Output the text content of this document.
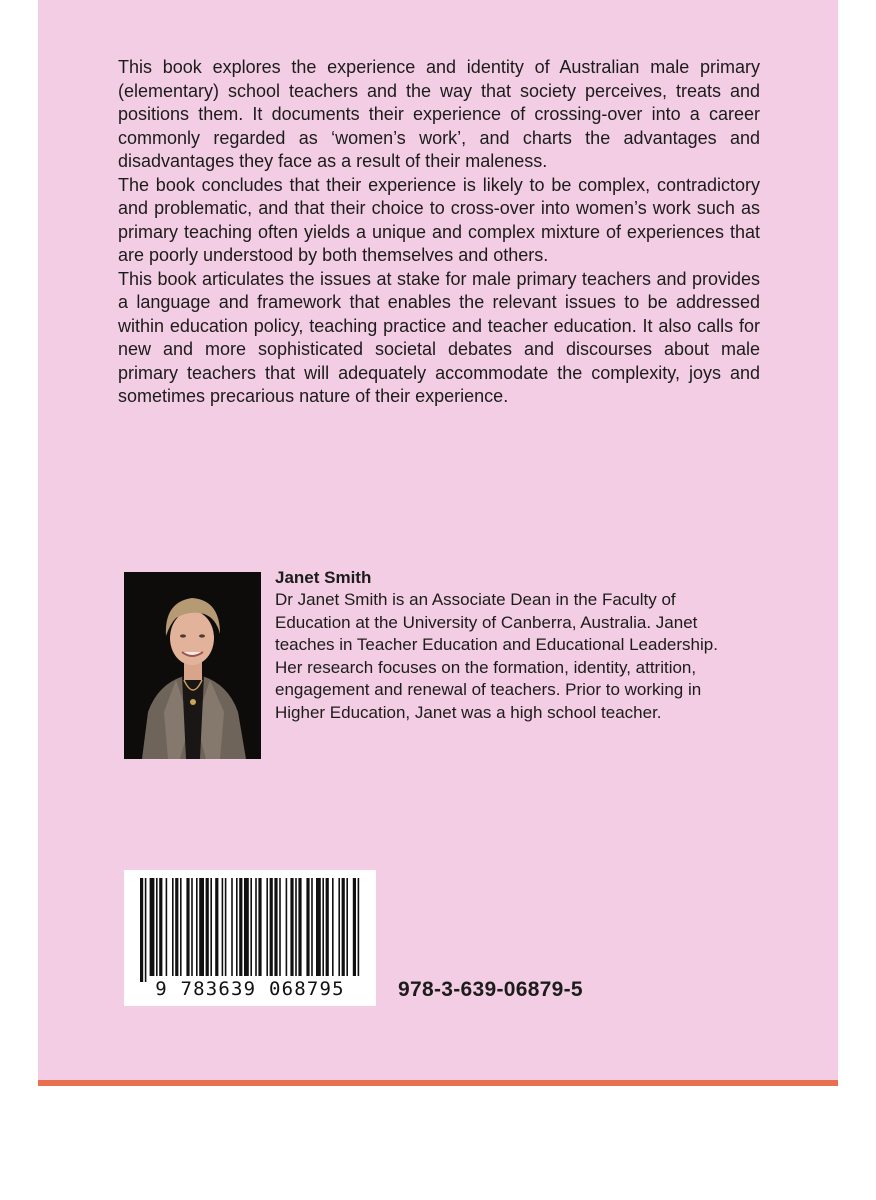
This book explores the experience and identity of Australian male primary (elementary) school teachers and the way that society perceives, treats and positions them. It documents their experience of crossing-over into a career commonly regarded as ‘women’s work’, and charts the advantages and disadvantages they face as a result of their maleness.

The book concludes that their experience is likely to be complex, contradictory and problematic, and that their choice to cross-over into women’s work such as primary teaching often yields a unique and complex mixture of experiences that are poorly understood by both themselves and others.

This book articulates the issues at stake for male primary teachers and provides a language and framework that enables the relevant issues to be addressed within education policy, teaching practice and teacher education. It also calls for new and more sophisticated societal debates and discourses about male primary teachers that will adequately accommodate the complexity, joys and sometimes precarious nature of their experience.

Janet Smith
Dr Janet Smith is an Associate Dean in the Faculty of Education at the University of Canberra, Australia. Janet teaches in Teacher Education and Educational Leadership. Her research focuses on the formation, identity, attrition, engagement and renewal of teachers. Prior to working in Higher Education, Janet was a high school teacher.
9 783639 068795	978-3-639-06879-5
